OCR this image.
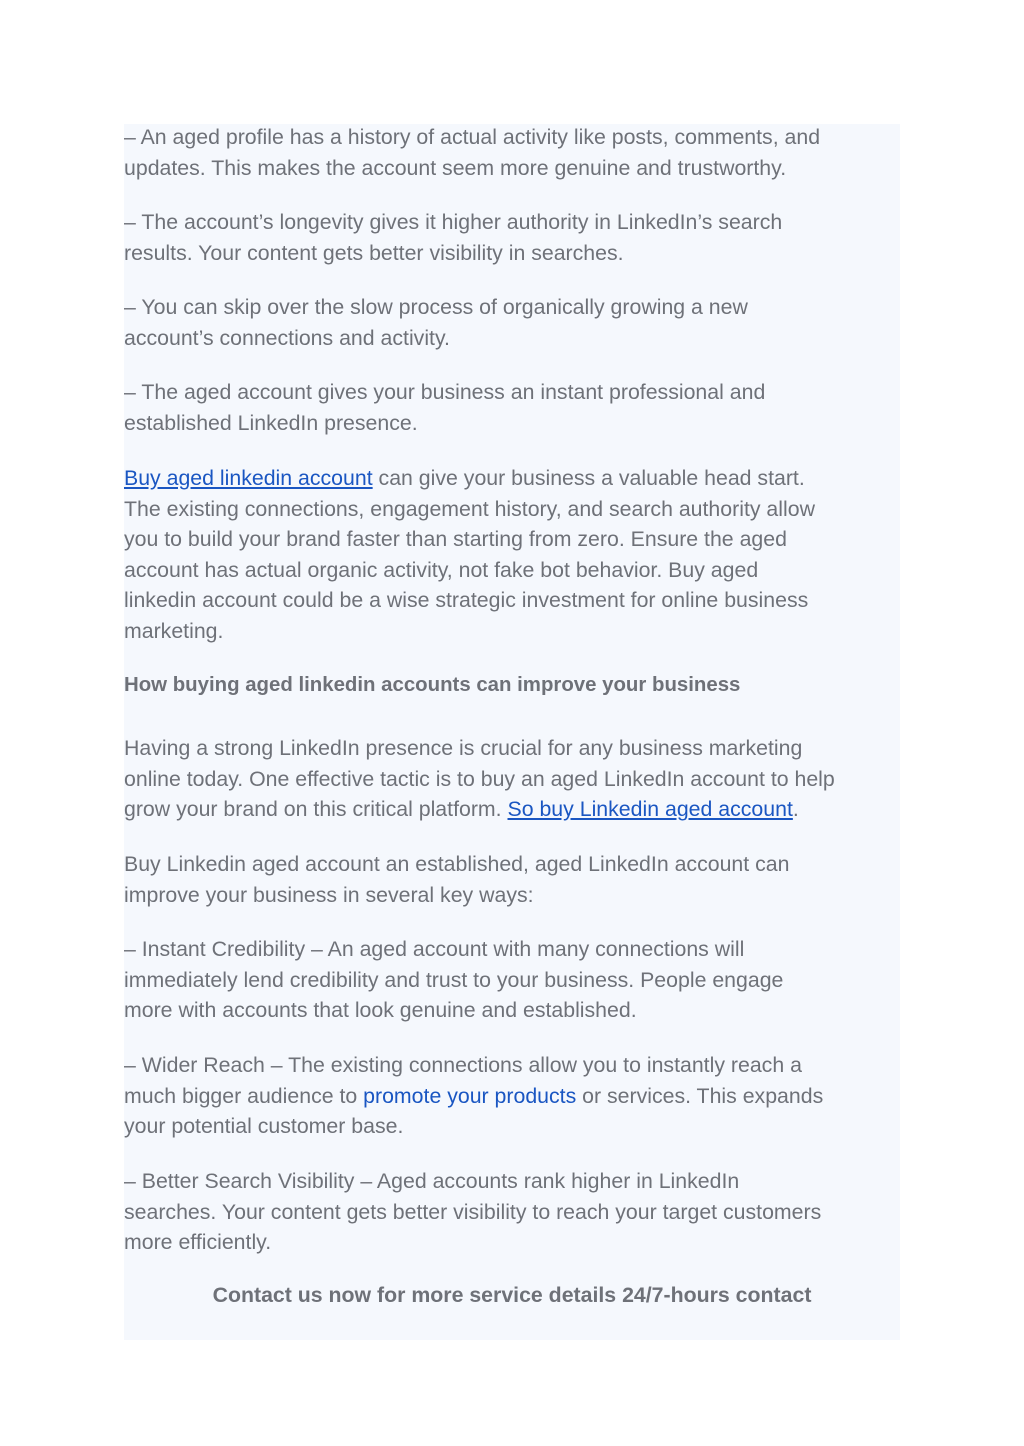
– An aged profile has a history of actual activity like posts, comments, and
updates. This makes the account seem more genuine and trustworthy.

– The account’s longevity gives it higher authority in LinkedIn’s search
results. Your content gets better visibility in searches.

– You can skip over the slow process of organically growing a new
account’s connections and activity.

– The aged account gives your business an instant professional and
established LinkedIn presence.

Buy aged linkedin account can give your business a valuable head start.
The existing connections, engagement history, and search authority allow
you to build your brand faster than starting from zero. Ensure the aged
account has actual organic activity, not fake bot behavior. Buy aged
linkedin account could be a wise strategic investment for online business
marketing.

How buying aged linkedin accounts can improve your business

Having a strong LinkedIn presence is crucial for any business marketing
online today. One effective tactic is to buy an aged LinkedIn account to help
grow your brand on this critical platform. So buy Linkedin aged account.

Buy Linkedin aged account an established, aged LinkedIn account can
improve your business in several key ways:

– Instant Credibility – An aged account with many connections will
immediately lend credibility and trust to your business. People engage
more with accounts that look genuine and established.

– Wider Reach – The existing connections allow you to instantly reach a
much bigger audience to promote your products or services. This expands
your potential customer base.

– Better Search Visibility – Aged accounts rank higher in LinkedIn
searches. Your content gets better visibility to reach your target customers
more efficiently.

Contact us now for more service details 24/7-hours contact
